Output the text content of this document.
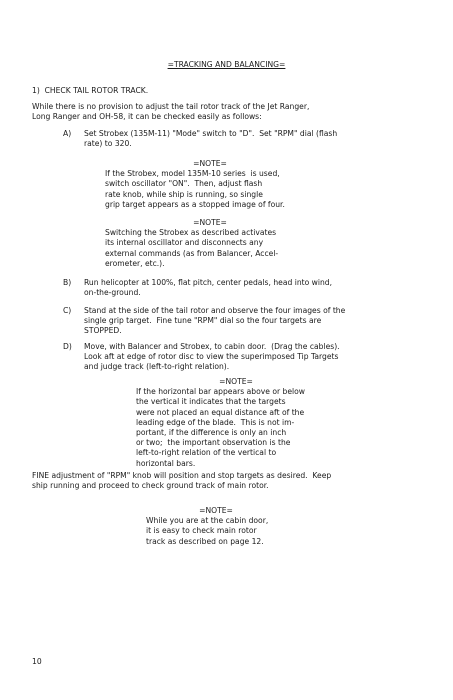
=TRACKING AND BALANCING=
1)  CHECK TAIL ROTOR TRACK.
While there is no provision to adjust the tail rotor track of the Jet Ranger,
Long Ranger and OH-58, it can be checked easily as follows:
A) Set Strobex (135M-11) "Mode" switch to "D".  Set "RPM" dial (flash
rate) to 320.
=NOTE=
If the Strobex, model 135M-10 series  is used,
switch oscillator "ON".  Then, adjust flash
rate knob, while ship is running, so single
grip target appears as a stopped image of four.
=NOTE=
Switching the Strobex as described activates
its internal oscillator and disconnects any
external commands (as from Balancer, Accel-
erometer, etc.).
B) Run helicopter at 100%, flat pitch, center pedals, head into wind,
on-the-ground.
C) Stand at the side of the tail rotor and observe the four images of the
single grip target.  Fine tune "RPM" dial so the four targets are
STOPPED.
D) Move, with Balancer and Strobex, to cabin door.  (Drag the cables).
Look aft at edge of rotor disc to view the superimposed Tip Targets
and judge track (left-to-right relation).
=NOTE=
If the horizontal bar appears above or below
the vertical it indicates that the targets
were not placed an equal distance aft of the
leading edge of the blade.  This is not im-
portant, if the difference is only an inch
or two;  the important observation is the
left-to-right relation of the vertical to
horizontal bars.
FINE adjustment of "RPM" knob will position and stop targets as desired.  Keep
ship running and proceed to check ground track of main rotor.
=NOTE=
While you are at the cabin door,
it is easy to check main rotor
track as described on page 12.
10
